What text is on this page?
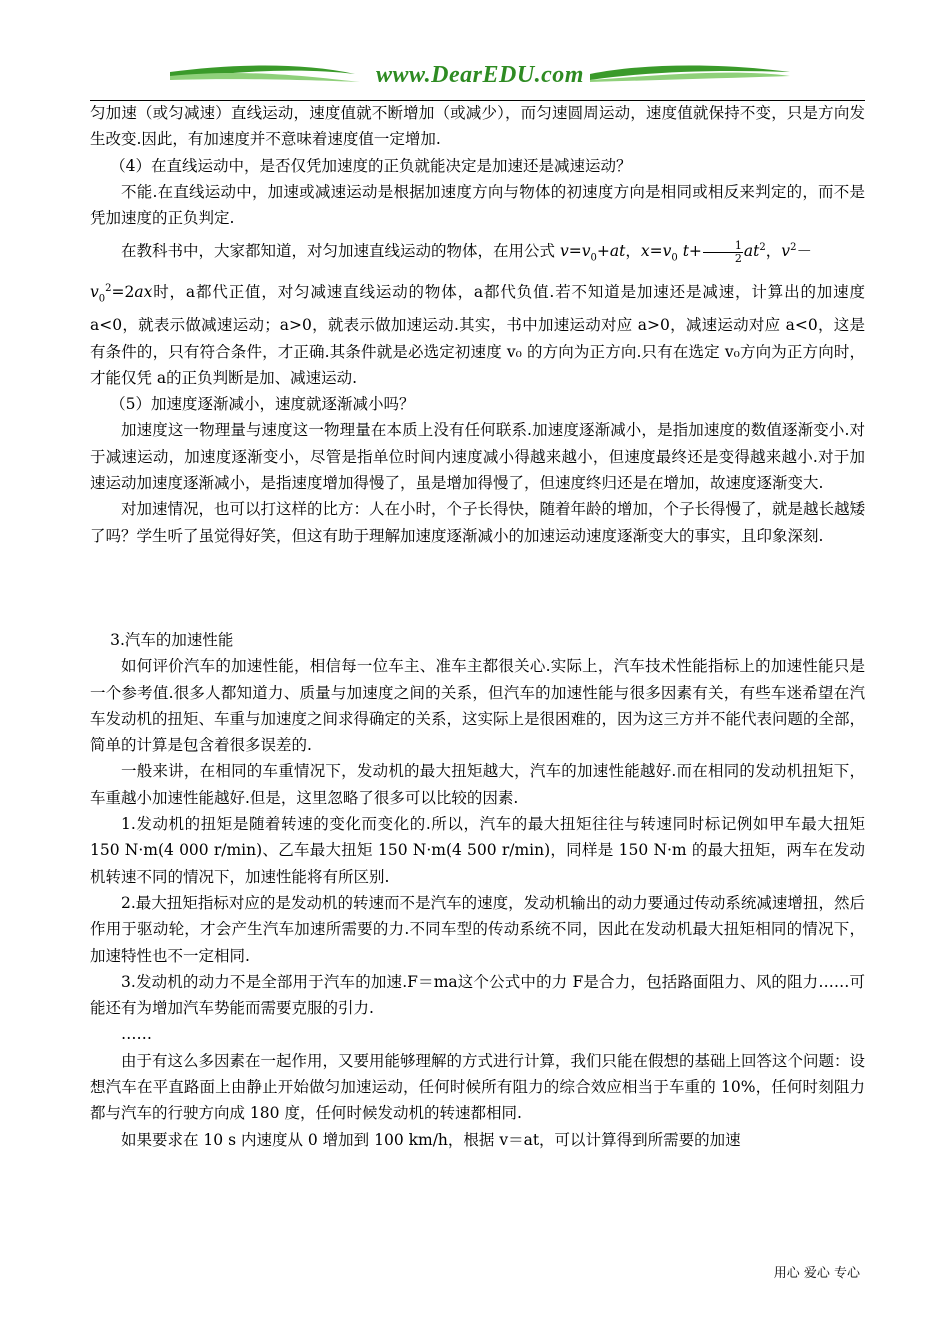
www.DearEDU.com

匀加速（或匀减速）直线运动，速度值就不断增加（或减少），而匀速圆周运动，速度值就保持不变，只是方向发生改变.因此，有加速度并不意味着速度值一定增加.

（4）在直线运动中，是否仅凭加速度的正负就能决定是加速还是减速运动？

不能.在直线运动中，加速或减速运动是根据加速度方向与物体的初速度方向是相同或相反来判定的，而不是凭加速度的正负判定.

在教科书中，大家都知道，对匀加速直线运动的物体，在用公式 $v=v_0+at$，$x=v_0$ $t+ \frac{1}{2} at^2$，$v^2-$

$v_0^2=2ax$时，a都代正值，对匀减速直线运动的物体，a都代负值.若不知道是加速还是减速，计算出的加速度 a<0，就表示做减速运动；a>0，就表示做加速运动.其实，书中加速运动对应 a>0，减速运动对应 a<0，这是有条件的，只有符合条件，才正确.其条件就是必选定初速度 v₀ 的方向为正方向.只有在选定 v₀方向为正方向时，才能仅凭 a的正负判断是加、减速运动.

（5）加速度逐渐减小，速度就逐渐减小吗？

加速度这一物理量与速度这一物理量在本质上没有任何联系.加速度逐渐减小，是指加速度的数值逐渐变小.对于减速运动，加速度逐渐变小，尽管是指单位时间内速度减小得越来越小，但速度最终还是变得越来越小.对于加速运动加速度逐渐减小，是指速度增加得慢了，虽是增加得慢了，但速度终归还是在增加，故速度逐渐变大.

对加速情况，也可以打这样的比方：人在小时，个子长得快，随着年龄的增加，个子长得慢了，就是越长越矮了吗？学生听了虽觉得好笑，但这有助于理解加速度逐渐减小的加速运动速度逐渐变大的事实，且印象深刻.

3.汽车的加速性能

如何评价汽车的加速性能，相信每一位车主、准车主都很关心.实际上，汽车技术性能指标上的加速性能只是一个参考值.很多人都知道力、质量与加速度之间的关系，但汽车的加速性能与很多因素有关，有些车迷希望在汽车发动机的扭矩、车重与加速度之间求得确定的关系，这实际上是很困难的，因为这三方并不能代表问题的全部，简单的计算是包含着很多误差的.

一般来讲，在相同的车重情况下，发动机的最大扭矩越大，汽车的加速性能越好.而在相同的发动机扭矩下，车重越小加速性能越好.但是，这里忽略了很多可以比较的因素.

1.发动机的扭矩是随着转速的变化而变化的.所以，汽车的最大扭矩往往与转速同时标记例如甲车最大扭矩 150 N·m(4 000 r/min)、乙车最大扭矩 150 N·m(4 500 r/min)，同样是 150 N·m 的最大扭矩，两车在发动机转速不同的情况下，加速性能将有所区别.

2.最大扭矩指标对应的是发动机的转速而不是汽车的速度，发动机输出的动力要通过传动系统减速增扭，然后作用于驱动轮，才会产生汽车加速所需要的力.不同车型的传动系统不同，因此在发动机最大扭矩相同的情况下，加速特性也不一定相同.

3.发动机的动力不是全部用于汽车的加速.F＝ma这个公式中的力 F是合力，包括路面阻力、风的阻力……可能还有为增加汽车势能而需要克服的引力.

……

由于有这么多因素在一起作用，又要用能够理解的方式进行计算，我们只能在假想的基础上回答这个问题：设想汽车在平直路面上由静止开始做匀加速运动，任何时候所有阻力的综合效应相当于车重的 10%，任何时刻阻力都与汽车的行驶方向成 180 度，任何时候发动机的转速都相同.

如果要求在 10 s 内速度从 0 增加到 100 km/h，根据 v＝at，可以计算得到所需要的加速

用心 爱心 专心
